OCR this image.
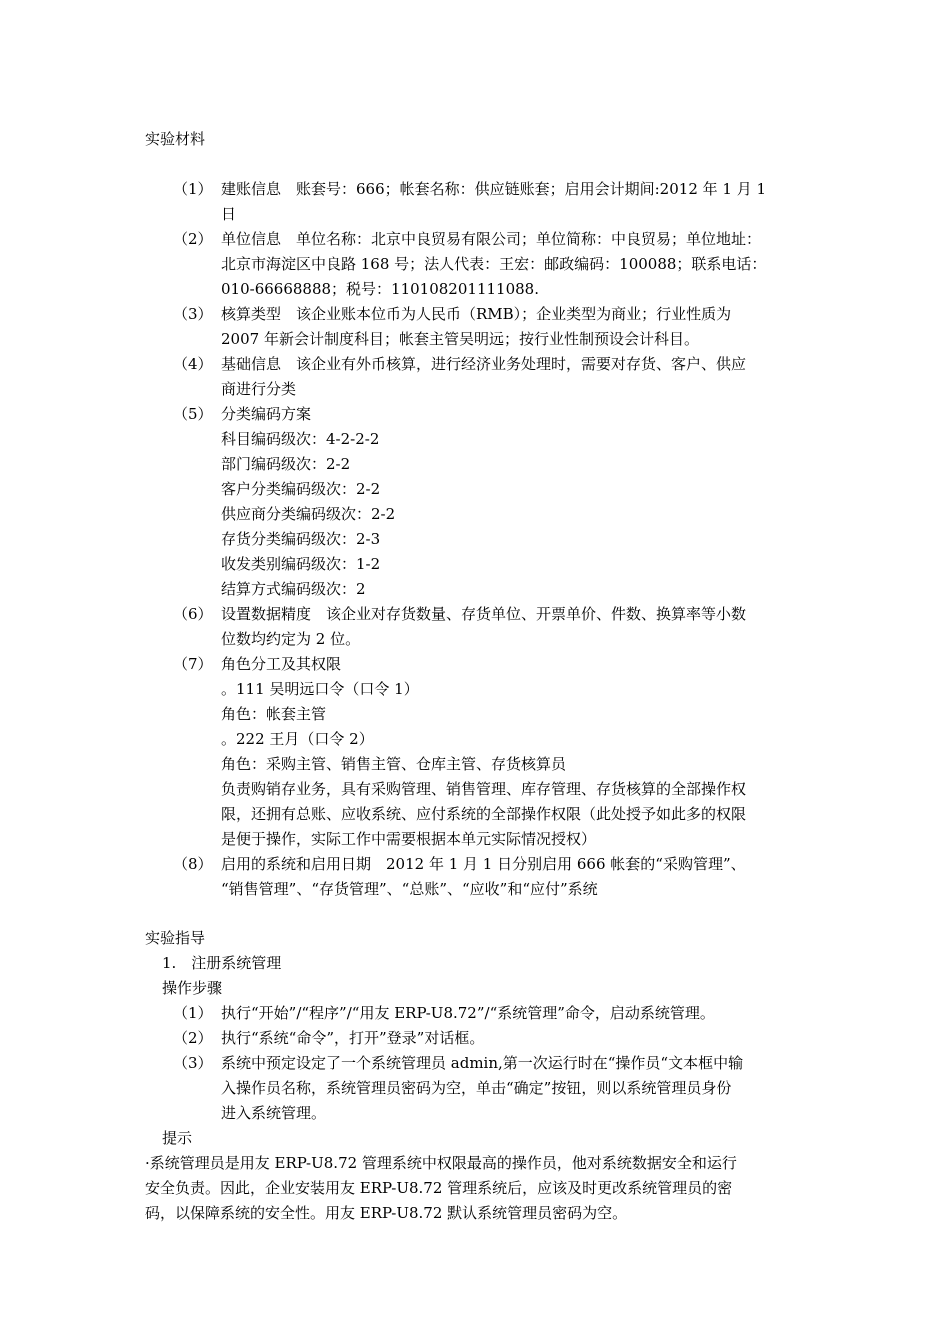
实验材料
（1） 建账信息　账套号：666；帐套名称：供应链账套；启用会计期间:2012 年 1 月 1
日
（2） 单位信息　单位名称：北京中良贸易有限公司；单位简称：中良贸易；单位地址：
北京市海淀区中良路 168 号；法人代表：王宏：邮政编码：100088；联系电话：
010-66668888；税号：110108201111088.
（3） 核算类型　该企业账本位币为人民币（RMB）；企业类型为商业；行业性质为
2007 年新会计制度科目；帐套主管吴明远；按行业性制预设会计科目。
（4） 基础信息　该企业有外币核算，进行经济业务处理时，需要对存货、客户、供应
商进行分类
（5） 分类编码方案
科目编码级次：4-2-2-2
部门编码级次：2-2
客户分类编码级次：2-2
供应商分类编码级次：2-2
存货分类编码级次：2-3
收发类别编码级次：1-2
结算方式编码级次：2
（6） 设置数据精度　该企业对存货数量、存货单位、开票单价、件数、换算率等小数
位数均约定为 2 位。
（7） 角色分工及其权限
。111 吴明远口令（口令 1）
角色：帐套主管
。222 王月（口令 2）
角色：采购主管、销售主管、仓库主管、存货核算员
负责购销存业务，具有采购管理、销售管理、库存管理、存货核算的全部操作权
限，还拥有总账、应收系统、应付系统的全部操作权限（此处授予如此多的权限
是便于操作，实际工作中需要根据本单元实际情况授权）
（8） 启用的系统和启用日期　2012 年 1 月 1 日分别启用 666 帐套的“采购管理”、
“销售管理”、“存货管理”、“总账”、“应收”和“应付”系统
实验指导
1.　注册系统管理
操作步骤
（1） 执行“开始”/“程序”/“用友 ERP-U8.72”/“系统管理”命令，启动系统管理。
（2） 执行“系统“命令”，打开”登录”对话框。
（3） 系统中预定设定了一个系统管理员 admin,第一次运行时在“操作员“文本框中输
入操作员名称，系统管理员密码为空，单击“确定”按钮，则以系统管理员身份
进入系统管理。
提示
·系统管理员是用友 ERP-U8.72 管理系统中权限最高的操作员，他对系统数据安全和运行
安全负责。因此，企业安装用友 ERP-U8.72 管理系统后，应该及时更改系统管理员的密
码，以保障系统的安全性。用友 ERP-U8.72 默认系统管理员密码为空。
